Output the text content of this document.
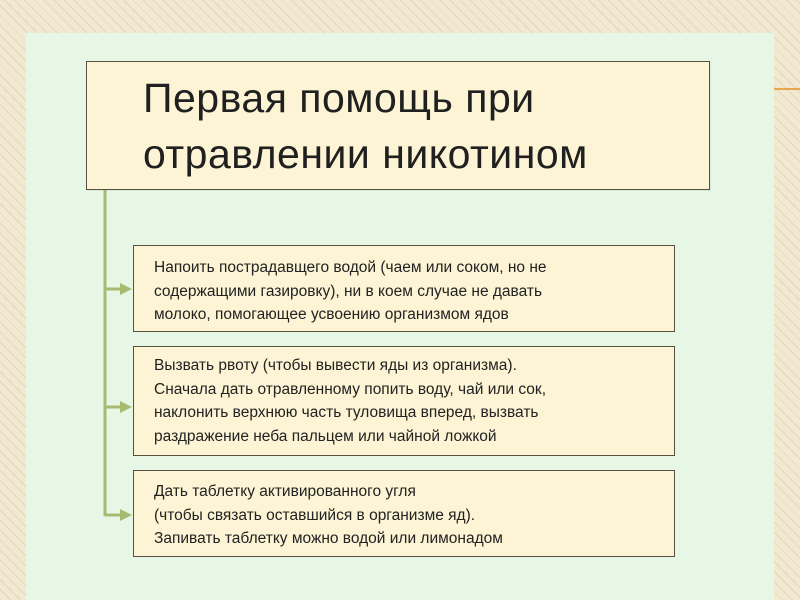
Первая помощь при
отравлении никотином
Напоить пострадавщего водой (чаем или соком, но не
содержащими газировку), ни в коем случае не давать
молоко, помогающее усвоению организмом ядов
Вызвать рвоту (чтобы вывести яды из организма).
Сначала дать отравленному попить воду, чай или сок,
наклонить верхнюю часть туловища вперед, вызвать
раздражение неба пальцем или чайной ложкой
Дать таблетку активированного угля
(чтобы связать оставшийся в организме яд).
Запивать таблетку можно водой или лимонадом
